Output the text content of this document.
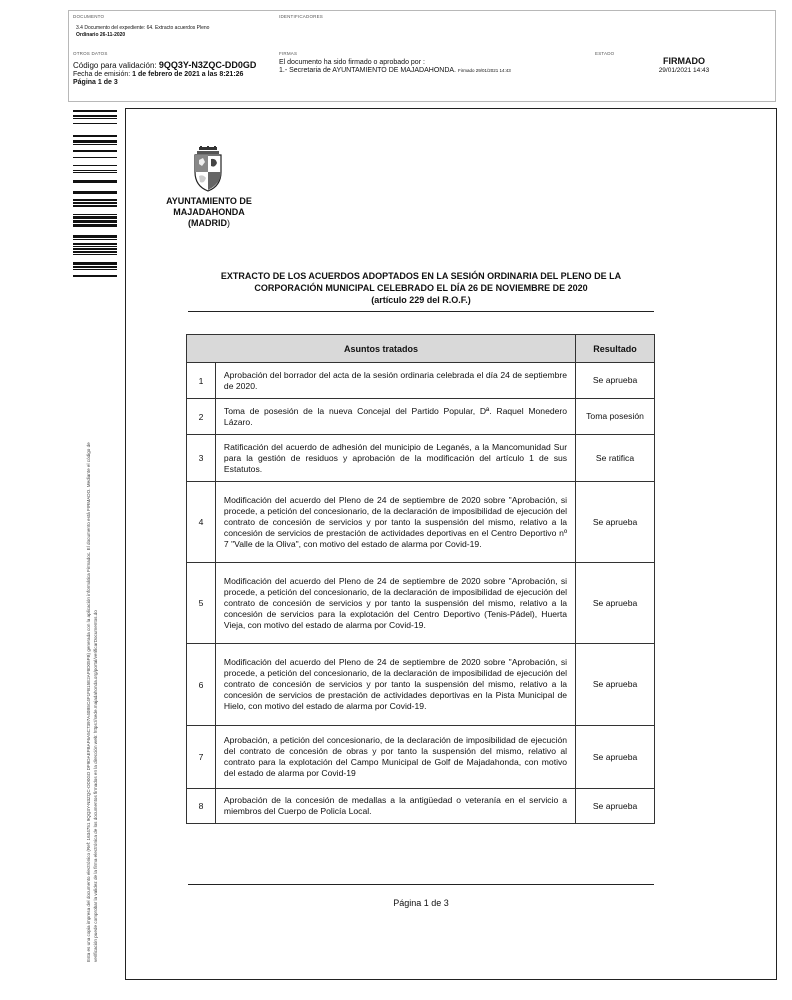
DOCUMENTO
3.4 Documento del expediente: 64. Extracto acuerdos Pleno
Ordinario 26-11-2020
IDENTIFICADORES
OTROS DATOS
Código para validación: 9QQ3Y-N3ZQC-DD0GD
Fecha de emisión: 1 de febrero de 2021 a las 8:21:26
Página 1 de 3
FIRMAS
El documento ha sido firmado o aprobado por :
1.- Secretaria de AYUNTAMIENTO DE MAJADAHONDA. Firmado 29/01/2021 14:43
ESTADO
FIRMADO
29/01/2021 14:43
Esta es una copia impresa del documento electrónico (Ref: 1634751 9QQ3Y-N3ZQC-DD0GD DF9DAEFBAF6A5C7397A40B5C4F1FB15E2AF8D05FB) generada con la aplicación informática Firmadoc. El documento está FIRMADO. Mediante el código de verificación puede comprobar la validez de la firma electrónica de los documentos firmados en la dirección web: https://sede.majadahonda.org/portal/verificarDocumentos.do
AYUNTAMIENTO DE
MAJADAHONDA
(MADRID)
EXTRACTO DE LOS ACUERDOS ADOPTADOS EN LA SESIÓN ORDINARIA DEL PLENO DE LA
CORPORACIÓN MUNICIPAL CELEBRADO EL DÍA 26 DE NOVIEMBRE DE 2020
(artículo 229 del R.O.F.)
Asuntos tratados		Resultado
1	Aprobación del borrador del acta de la sesión ordinaria celebrada el día 24 de septiembre de 2020.	Se aprueba
2	Toma de posesión de la nueva Concejal del Partido Popular, Dª. Raquel Monedero Lázaro.	Toma posesión
3	Ratificación del acuerdo de adhesión del municipio de Leganés, a la Mancomunidad Sur para la gestión de residuos y aprobación de la modificación del artículo 1 de sus Estatutos.	Se ratifica
4	Modificación del acuerdo del Pleno de 24 de septiembre de 2020 sobre "Aprobación, si procede, a petición del concesionario, de la declaración de imposibilidad de ejecución del contrato de concesión de servicios y por tanto la suspensión del mismo, relativo a la concesión de servicios de prestación de actividades deportivas en el Centro Deportivo nº 7 "Valle de la Oliva", con motivo del estado de alarma por Covid-19.	Se aprueba
5	Modificación del acuerdo del Pleno de 24 de septiembre de 2020 sobre "Aprobación, si procede, a petición del concesionario, de la declaración de imposibilidad de ejecución del contrato de concesión de servicios y por tanto la suspensión del mismo, relativo a la concesión de servicios para la explotación del Centro Deportivo (Tenis-Pádel), Huerta Vieja, con motivo del estado de alarma por Covid-19.	Se aprueba
6	Modificación del acuerdo del Pleno de 24 de septiembre de 2020 sobre "Aprobación, si procede, a petición del concesionario, de la declaración de imposibilidad de ejecución del contrato de concesión de servicios y por tanto la suspensión del mismo, relativo a la concesión de servicios de prestación de actividades deportivas en la Pista Municipal de Hielo, con motivo del estado de alarma por Covid-19.	Se aprueba
7	Aprobación, a petición del concesionario, de la declaración de imposibilidad de ejecución del contrato de concesión de obras y por tanto la suspensión del mismo, relativo al contrato para la explotación del Campo Municipal de Golf de Majadahonda, con motivo del estado de alarma por Covid-19	Se aprueba
8	Aprobación de la concesión de medallas a la antigüedad o veteranía en el servicio a miembros del Cuerpo de Policía Local.	Se aprueba
Página 1 de 3
